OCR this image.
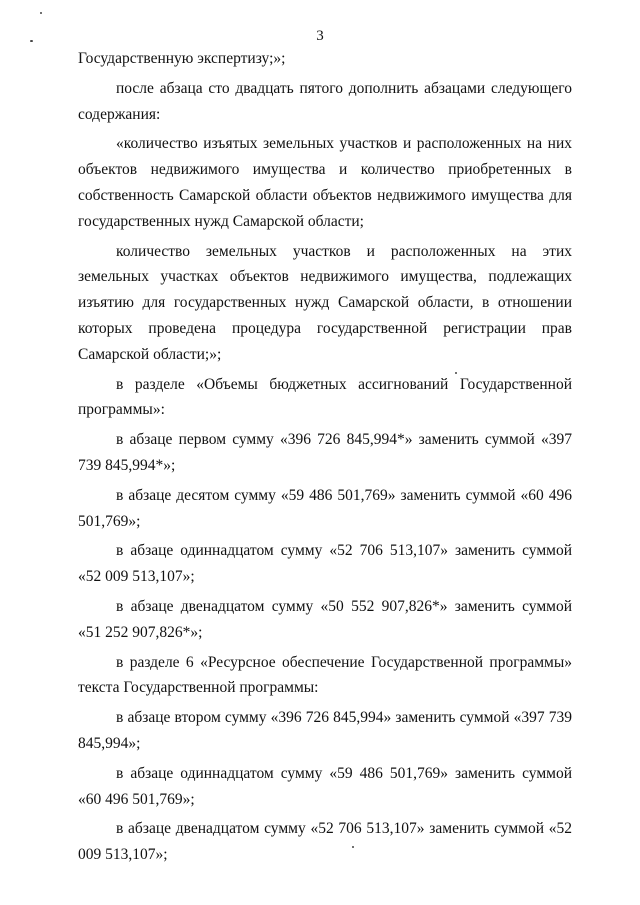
3

Государственную экспертизу;»;

после абзаца сто двадцать пятого дополнить абзацами следующего содержания:

«количество изъятых земельных участков и расположенных на них объектов недвижимого имущества и количество приобретенных в собственность Самарской области объектов недвижимого имущества для государственных нужд Самарской области;

количество земельных участков и расположенных на этих земельных участках объектов недвижимого имущества, подлежащих изъятию для государственных нужд Самарской области, в отношении которых проведена процедура государственной регистрации прав Самарской области;»;

в разделе «Объемы бюджетных ассигнований Государственной программы»:

в абзаце первом сумму «396 726 845,994*» заменить суммой «397 739 845,994*»;

в абзаце десятом сумму «59 486 501,769» заменить суммой «60 496 501,769»;

в абзаце одиннадцатом сумму «52 706 513,107» заменить суммой «52 009 513,107»;

в абзаце двенадцатом сумму «50 552 907,826*» заменить суммой «51 252 907,826*»;

в разделе 6 «Ресурсное обеспечение Государственной программы» текста Государственной программы:

в абзаце втором сумму «396 726 845,994» заменить суммой «397 739 845,994»;

в абзаце одиннадцатом сумму «59 486 501,769» заменить суммой «60 496 501,769»;

в абзаце двенадцатом сумму «52 706 513,107» заменить суммой «52 009 513,107»;
